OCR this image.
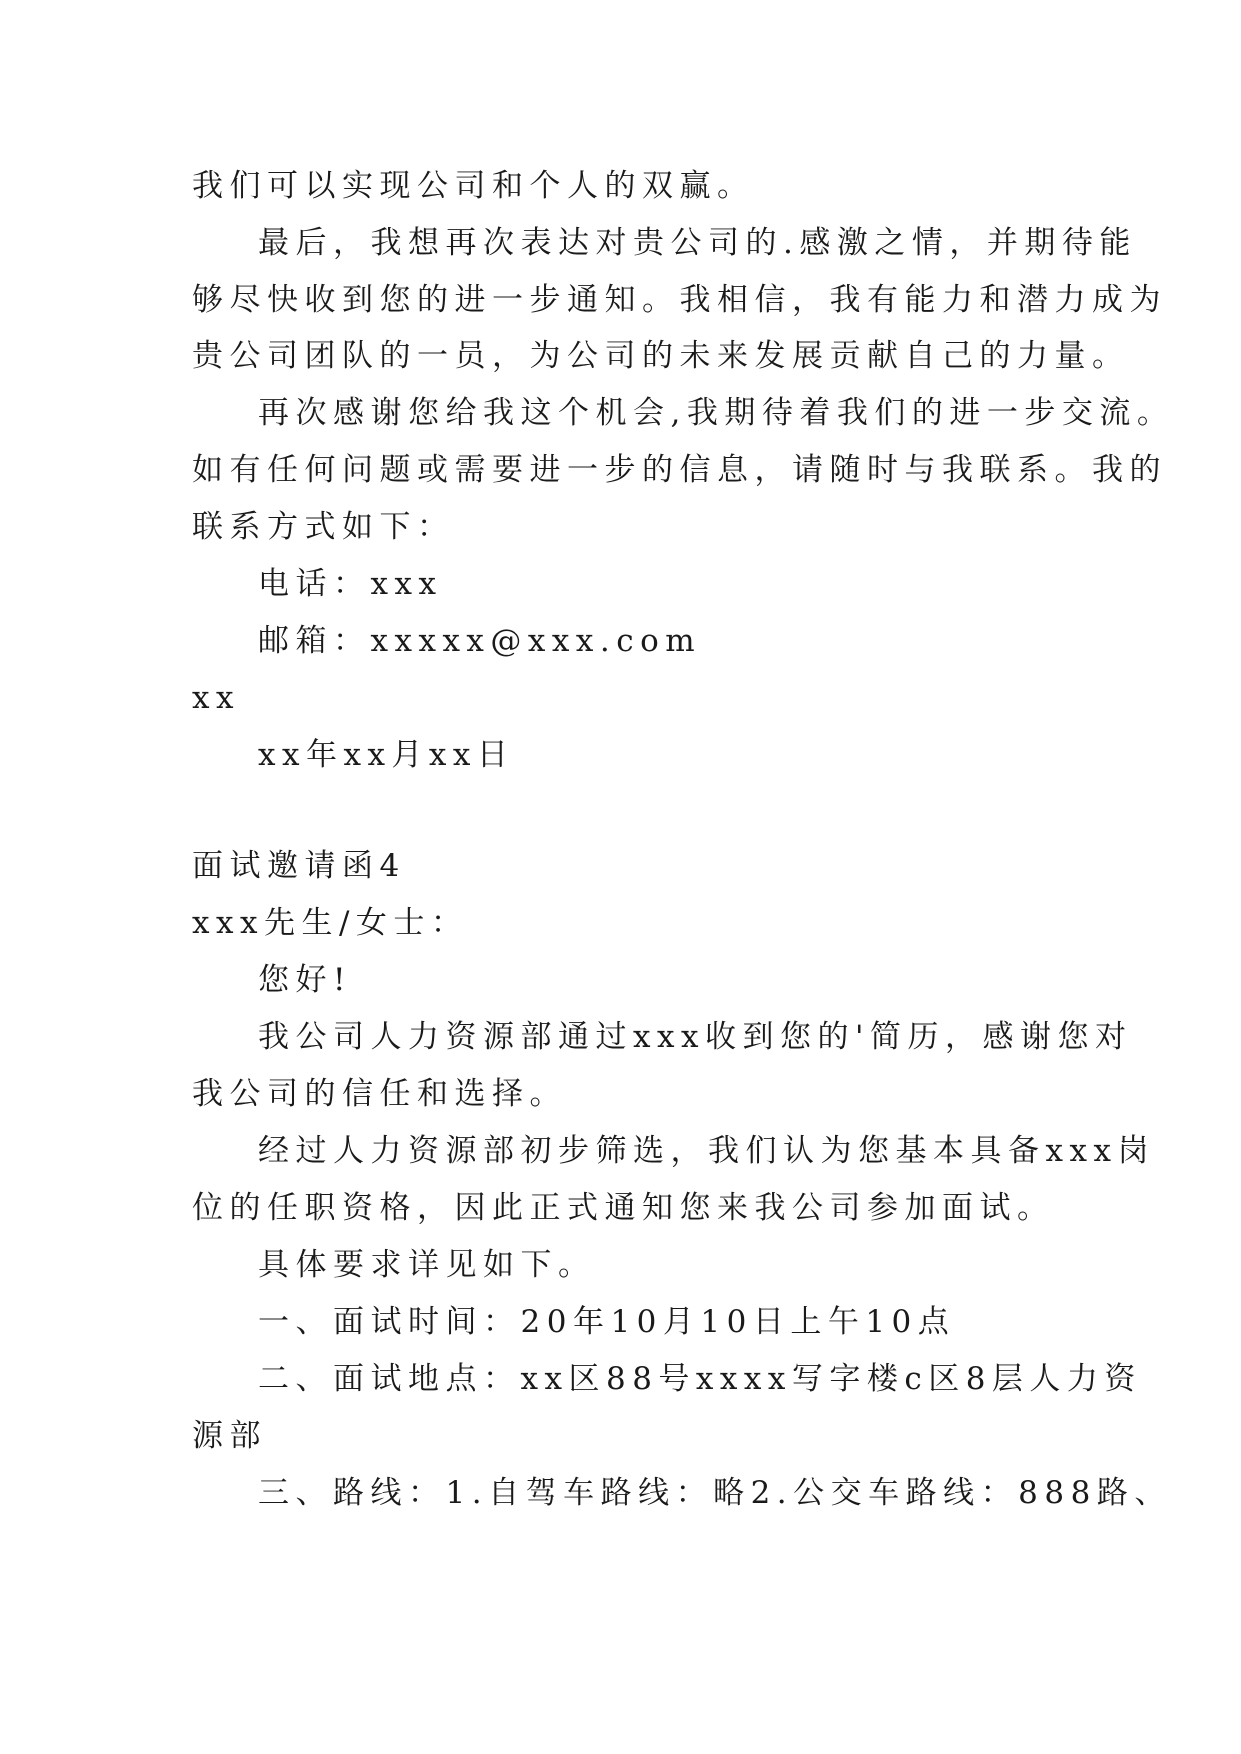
我们可以实现公司和个人的双赢。
最后，我想再次表达对贵公司的.感激之情，并期待能
够尽快收到您的进一步通知。我相信，我有能力和潜力成为
贵公司团队的一员，为公司的未来发展贡献自己的力量。
再次感谢您给我这个机会,我期待着我们的进一步交流。
如有任何问题或需要进一步的信息，请随时与我联系。我的
联系方式如下：
电话：xxx
邮箱：xxxxx@xxx.com
xx
xx年xx月xx日
面试邀请函4
xxx先生/女士：
您好!
我公司人力资源部通过xxx收到您的'简历，感谢您对
我公司的信任和选择。
经过人力资源部初步筛选，我们认为您基本具备xxx岗
位的任职资格，因此正式通知您来我公司参加面试。
具体要求详见如下。
一、面试时间：20年10月10日上午10点
二、面试地点：xx区88号xxxx写字楼c区8层人力资
源部
三、路线：1.自驾车路线：略2.公交车路线：888路、
